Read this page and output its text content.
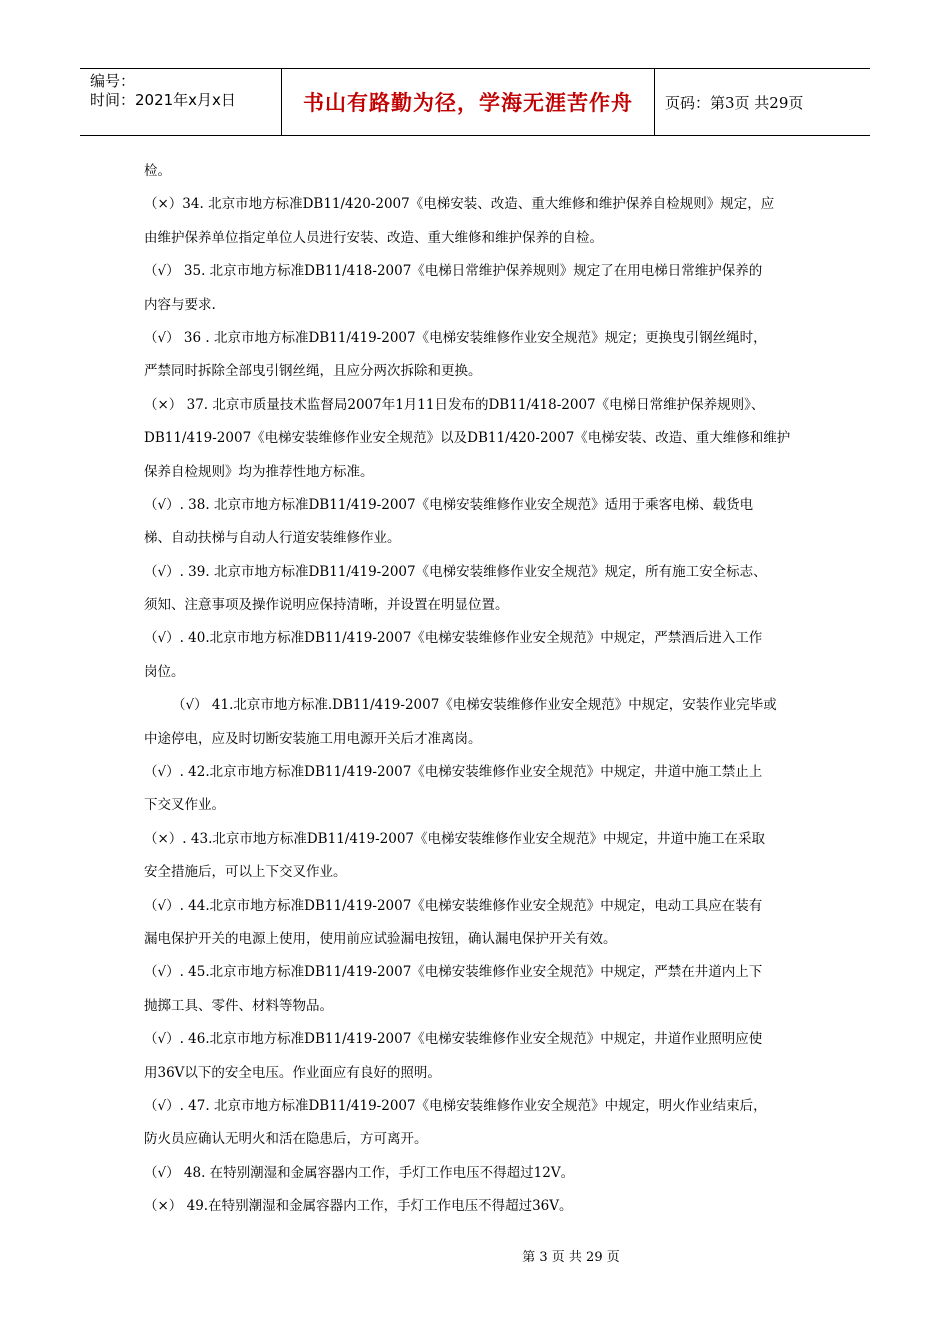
编号：
时间：2021年x月x日	书山有路勤为径，学海无涯苦作舟	页码：第3页 共29页
检。
（×）34. 北京市地方标准DB11/420-2007《电梯安装、改造、重大维修和维护保养自检规则》规定，应
由维护保养单位指定单位人员进行安装、改造、重大维修和维护保养的自检。
（√） 35. 北京市地方标准DB11/418-2007《电梯日常维护保养规则》规定了在用电梯日常维护保养的
内容与要求.
（√） 36 . 北京市地方标准DB11/419-2007《电梯安装维修作业安全规范》规定；更换曳引钢丝绳时，
严禁同时拆除全部曳引钢丝绳，且应分两次拆除和更换。
（×） 37. 北京市质量技术监督局2007年1月11日发布的DB11/418-2007《电梯日常维护保养规则》、
DB11/419-2007《电梯安装维修作业安全规范》以及DB11/420-2007《电梯安装、改造、重大维修和维护
保养自检规则》均为推荐性地方标准。
（√）. 38. 北京市地方标准DB11/419-2007《电梯安装维修作业安全规范》适用于乘客电梯、载货电
梯、自动扶梯与自动人行道安装维修作业。
（√）. 39. 北京市地方标准DB11/419-2007《电梯安装维修作业安全规范》规定，所有施工安全标志、
须知、注意事项及操作说明应保持清晰，并设置在明显位置。
（√）. 40.北京市地方标准DB11/419-2007《电梯安装维修作业安全规范》中规定，严禁酒后进入工作
岗位。
（√） 41.北京市地方标准.DB11/419-2007《电梯安装维修作业安全规范》中规定，安装作业完毕或
中途停电，应及时切断安装施工用电源开关后才准离岗。
（√）. 42.北京市地方标准DB11/419-2007《电梯安装维修作业安全规范》中规定，井道中施工禁止上
下交叉作业。
（×）. 43.北京市地方标准DB11/419-2007《电梯安装维修作业安全规范》中规定，井道中施工在采取
安全措施后，可以上下交叉作业。
（√）. 44.北京市地方标准DB11/419-2007《电梯安装维修作业安全规范》中规定，电动工具应在装有
漏电保护开关的电源上使用，使用前应试验漏电按钮，确认漏电保护开关有效。
（√）. 45.北京市地方标准DB11/419-2007《电梯安装维修作业安全规范》中规定，严禁在井道内上下
抛掷工具、零件、材料等物品。
（√）. 46.北京市地方标准DB11/419-2007《电梯安装维修作业安全规范》中规定，井道作业照明应使
用36V以下的安全电压。作业面应有良好的照明。
（√）. 47. 北京市地方标准DB11/419-2007《电梯安装维修作业安全规范》中规定，明火作业结束后，
防火员应确认无明火和活在隐患后，方可离开。
（√） 48. 在特别潮湿和金属容器内工作，手灯工作电压不得超过12V。
（×） 49.在特别潮湿和金属容器内工作，手灯工作电压不得超过36V。
第 3 页 共 29 页
